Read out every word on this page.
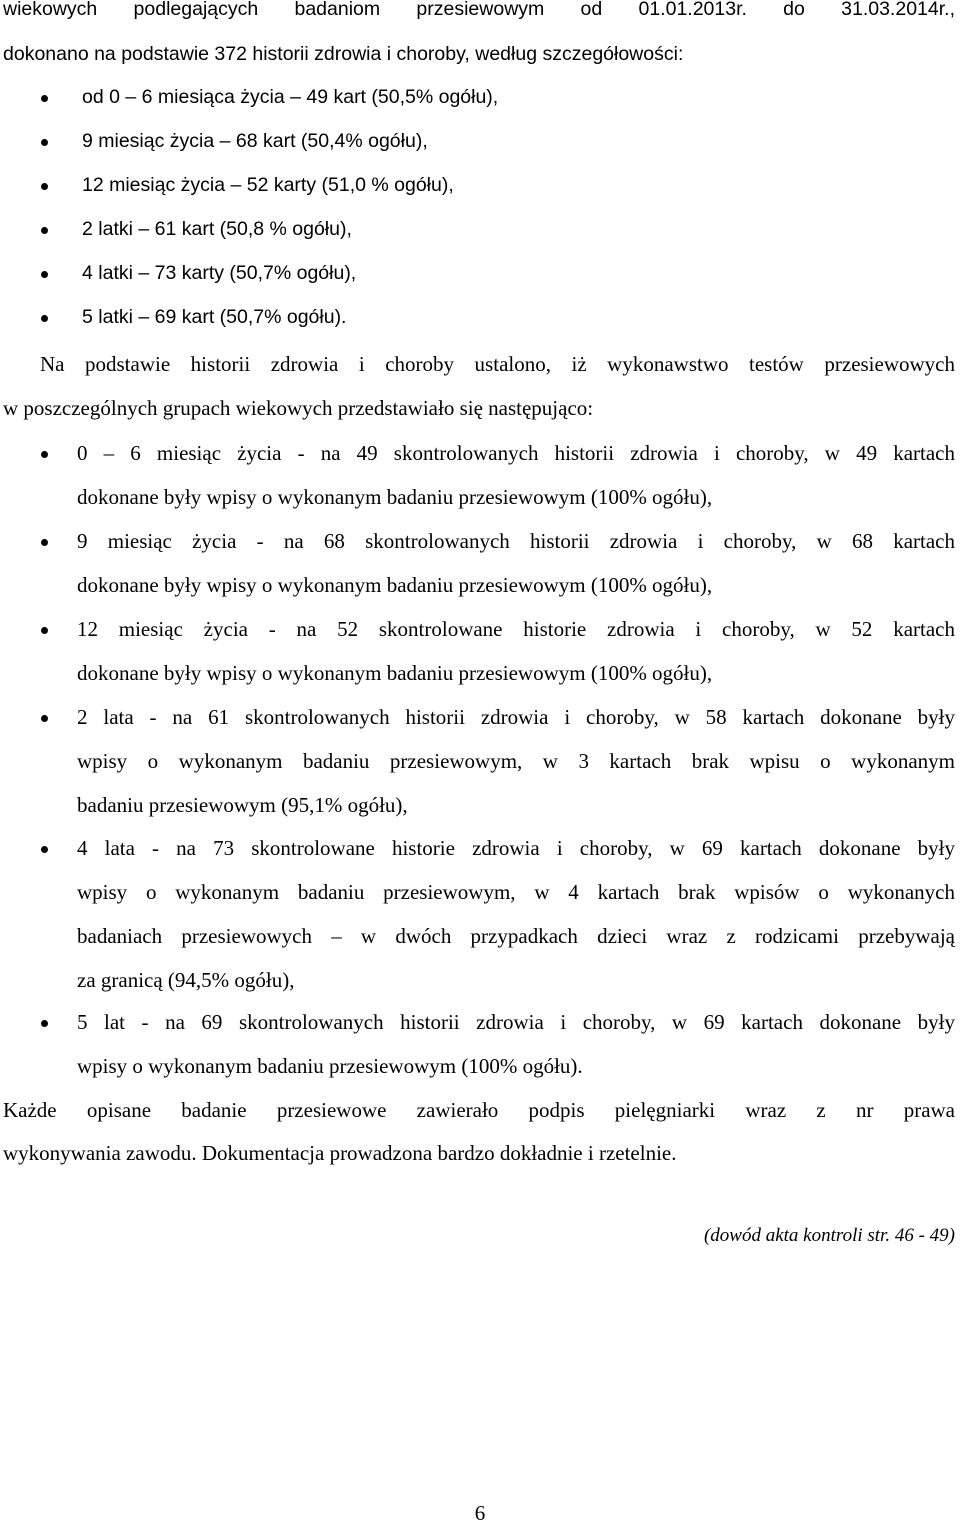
wiekowych podlegających badaniom przesiewowym od 01.01.2013r. do 31.03.2014r.,
dokonano na podstawie 372 historii zdrowia i choroby, według szczegółowości:
od 0 – 6 miesiąca życia – 49 kart (50,5% ogółu),
9 miesiąc życia – 68 kart (50,4% ogółu),
12 miesiąc życia – 52 karty (51,0 % ogółu),
2 latki – 61 kart (50,8 % ogółu),
4 latki – 73 karty (50,7% ogółu),
5 latki – 69 kart (50,7% ogółu).
Na podstawie historii zdrowia i choroby ustalono, iż wykonawstwo testów przesiewowych
w poszczególnych grupach wiekowych przedstawiało się następująco:
0 – 6 miesiąc życia - na 49 skontrolowanych historii zdrowia i choroby, w 49 kartach
dokonane były wpisy o wykonanym badaniu przesiewowym (100% ogółu),
9 miesiąc życia - na 68 skontrolowanych historii zdrowia i choroby, w 68 kartach
dokonane były wpisy o wykonanym badaniu przesiewowym (100% ogółu),
12 miesiąc życia - na 52 skontrolowane historie zdrowia i choroby, w 52 kartach
dokonane były wpisy o wykonanym badaniu przesiewowym (100% ogółu),
2 lata - na 61 skontrolowanych historii zdrowia i choroby, w 58 kartach dokonane były
wpisy o wykonanym badaniu przesiewowym, w 3 kartach brak wpisu o wykonanym
badaniu przesiewowym (95,1% ogółu),
4 lata - na 73 skontrolowane historie zdrowia i choroby, w 69 kartach dokonane były
wpisy o wykonanym badaniu przesiewowym, w 4 kartach brak wpisów o wykonanych
badaniach przesiewowych – w dwóch przypadkach dzieci wraz z rodzicami przebywają
za granicą (94,5% ogółu),
5 lat - na 69 skontrolowanych historii zdrowia i choroby, w 69 kartach dokonane były
wpisy o wykonanym badaniu przesiewowym (100% ogółu).
Każde opisane badanie przesiewowe zawierało podpis pielęgniarki wraz z nr prawa
wykonywania zawodu. Dokumentacja prowadzona bardzo dokładnie i rzetelnie.
(dowód akta kontroli str. 46 - 49)
6
